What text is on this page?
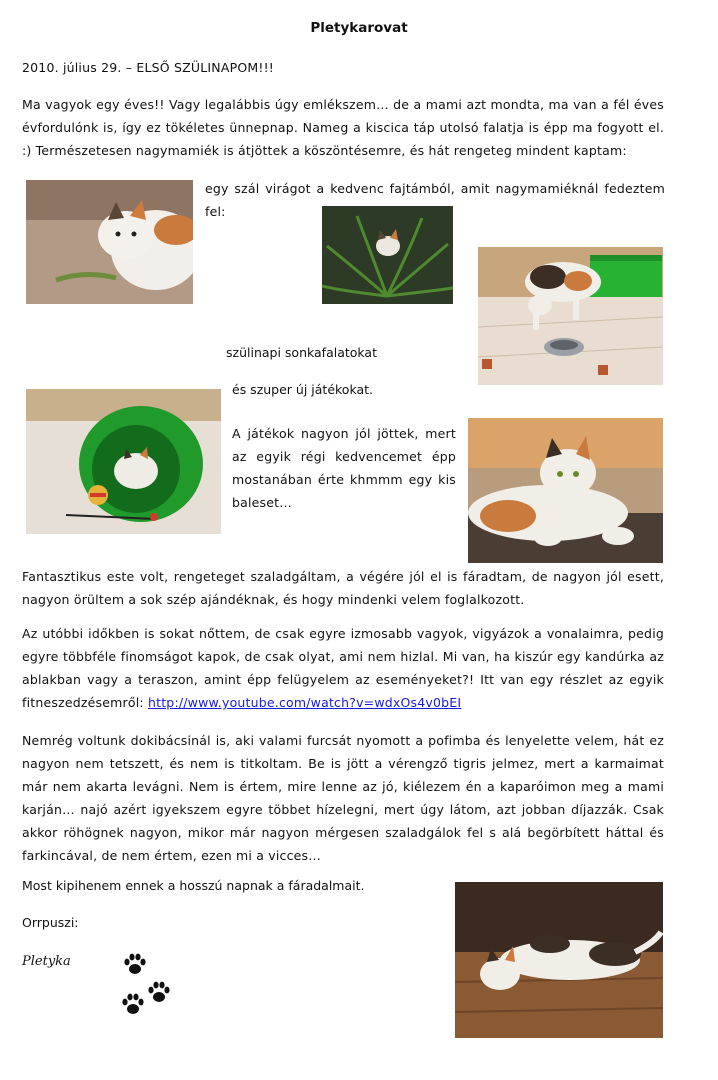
Pletykarovat
2010. július 29. – ELSŐ SZÜLINAPOM!!!
Ma vagyok egy éves!! Vagy legalábbis úgy emlékszem… de a mami azt mondta, ma van a fél éves évfordulónk is, így ez tökéletes ünnepnap. Nameg a kiscica táp utolsó falatja is épp ma fogyott el. :) Természetesen nagymamiék is átjöttek a köszöntésemre, és hát rengeteg mindent kaptam:
egy szál virágot a kedvenc fajtámból, amit nagymamiéknál fedeztem fel:
szülinapi sonkafalatokat
és szuper új játékokat.
A játékok nagyon jól jöttek, mert az egyik régi kedvencemet épp mostanában érte khmmm egy kis baleset…
Fantasztikus este volt, rengeteget szaladgáltam, a végére jól el is fáradtam, de nagyon jól esett, nagyon örültem a sok szép ajándéknak, és hogy mindenki velem foglalkozott.
Az utóbbi időkben is sokat nőttem, de csak egyre izmosabb vagyok, vigyázok a vonalaimra, pedig egyre többféle finomságot kapok, de csak olyat, ami nem hizlal. Mi van, ha kiszúr egy kandúrka az ablakban vagy a teraszon, amint épp felügyelem az eseményeket?! Itt van egy részlet az egyik fitneszedzésemről: http://www.youtube.com/watch?v=wdxOs4v0bEI
Nemrég voltunk dokibácsinál is, aki valami furcsát nyomott a pofimba és lenyelette velem, hát ez nagyon nem tetszett, és nem is titkoltam. Be is jött a vérengző tigris jelmez, mert a karmaimat már nem akarta levágni. Nem is értem, mire lenne az jó, kiélezem én a kaparóimon meg a mami karján… najó azért igyekszem egyre többet hízelegni, mert úgy látom, azt jobban díjazzák. Csak akkor röhögnek nagyon, mikor már nagyon mérgesen szaladgálok fel s alá begörbített háttal és farkincával, de nem értem, ezen mi a vicces…
Most kipihenem ennek a hosszú napnak a fáradalmait.
Orrpuszi:
Pletyka
